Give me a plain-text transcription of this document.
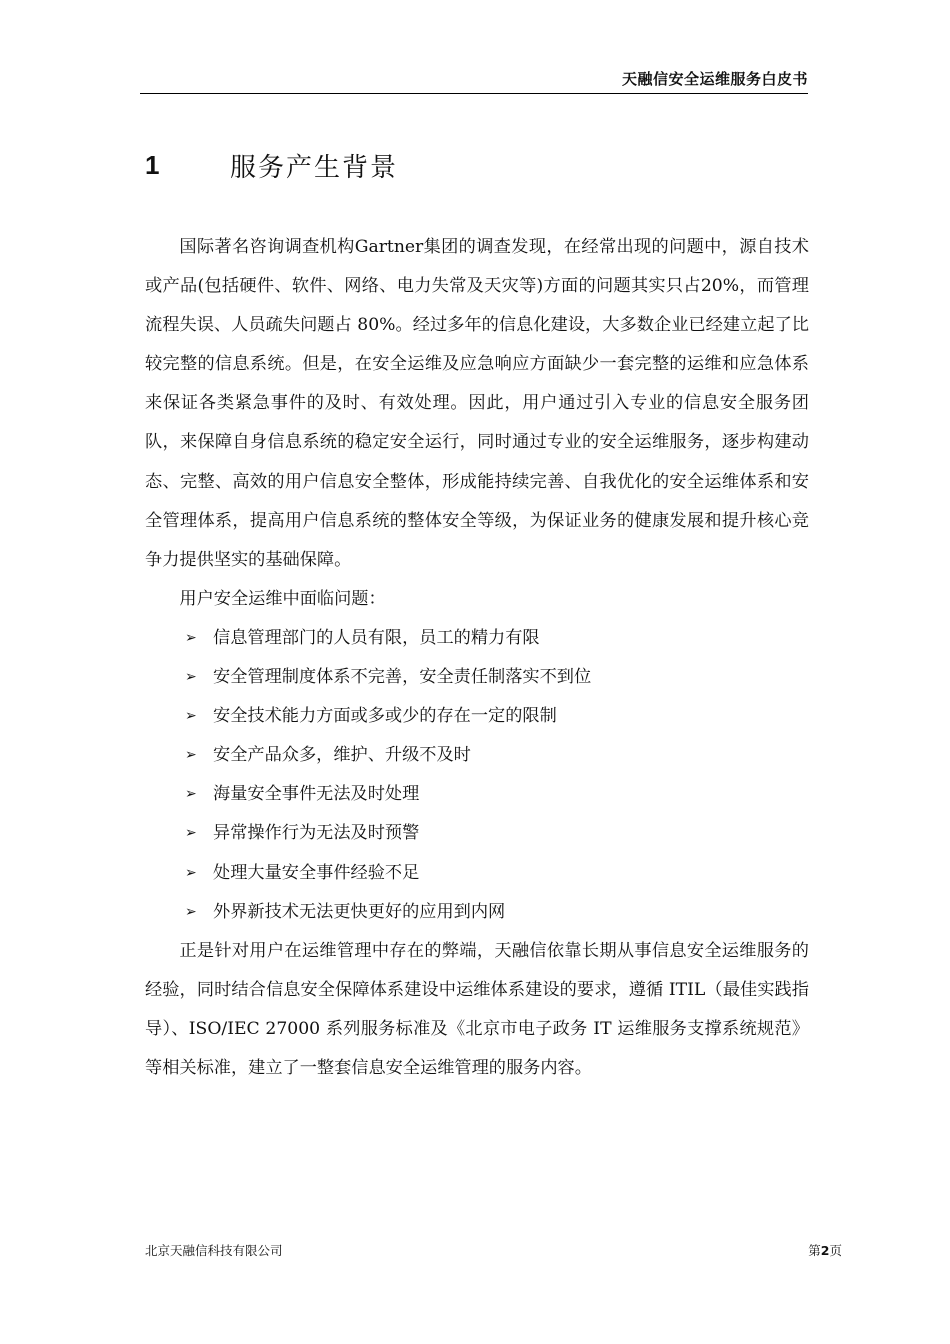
天融信安全运维服务白皮书
1	服务产生背景

国际著名咨询调查机构Gartner集团的调查发现，在经常出现的问题中，源自技术或产品(包括硬件、软件、网络、电力失常及天灾等)方面的问题其实只占20%，而管理流程失误、人员疏失问题占 80%。经过多年的信息化建设，大多数企业已经建立起了比较完整的信息系统。但是，在安全运维及应急响应方面缺少一套完整的运维和应急体系来保证各类紧急事件的及时、有效处理。因此，用户通过引入专业的信息安全服务团队，来保障自身信息系统的稳定安全运行，同时通过专业的安全运维服务，逐步构建动态、完整、高效的用户信息安全整体，形成能持续完善、自我优化的安全运维体系和安全管理体系，提高用户信息系统的整体安全等级，为保证业务的健康发展和提升核心竞争力提供坚实的基础保障。

用户安全运维中面临问题：

➢ 信息管理部门的人员有限，员工的精力有限
➢ 安全管理制度体系不完善，安全责任制落实不到位
➢ 安全技术能力方面或多或少的存在一定的限制
➢ 安全产品众多，维护、升级不及时
➢ 海量安全事件无法及时处理
➢ 异常操作行为无法及时预警
➢ 处理大量安全事件经验不足
➢ 外界新技术无法更快更好的应用到内网

正是针对用户在运维管理中存在的弊端，天融信依靠长期从事信息安全运维服务的经验，同时结合信息安全保障体系建设中运维体系建设的要求，遵循 ITIL（最佳实践指导）、ISO/IEC 27000 系列服务标准及《北京市电子政务 IT 运维服务支撑系统规范》等相关标准，建立了一整套信息安全运维管理的服务内容。

北京天融信科技有限公司	第2页
